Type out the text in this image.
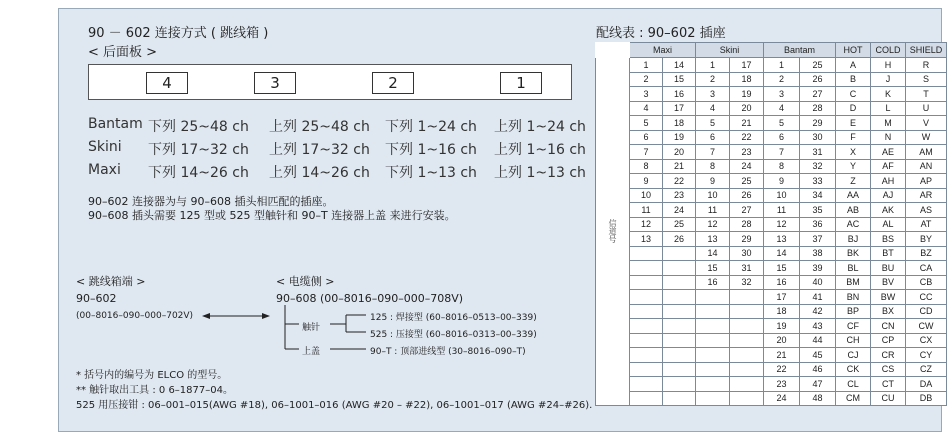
90 － 602 连接方式 ( 跳线箱 )
< 后面板 >
4	3	2	1
Bantam 下列 25~48 ch 上列 25~48 ch 下列 1~24 ch 上列 1~24 ch
Skini 下列 17~32 ch 上列 17~32 ch 下列 1~16 ch 上列 1~16 ch
Maxi 下列 14~26 ch 上列 14~26 ch 下列 1~13 ch 上列 1~13 ch
90–602 连接器为与 90–608 插头相匹配的插座。
90–608 插头需要 125 型或 525 型触针和 90–T 连接器上盖 来进行安装。
< 跳线箱端 >
90–602
(00–8016–090–000–702V)
< 电缆侧 >
90–608 (00–8016–090–000–708V)
触针
上盖
125 : 焊接型 (60–8016–0513–00–339)
525 : 压接型 (60–8016–0313–00–339)
90–T : 顶部进线型 (30–8016–090–T)
* 括号内的编号为 ELCO 的型号。
** 触针取出工具 : 0 6–1877–04。
525 用压接钳 : 06–001–015(AWG #18), 06–1001–016 (AWG #20 – #22), 06–1001–017 (AWG #24–#26).
配线表 : 90–602 插座
	Maxi		Skini		Bantam		HOT	COLD	SHIELD
信道号	1	14	1	17	1	25	A	H	R
	2	15	2	18	2	26	B	J	S
	3	16	3	19	3	27	C	K	T
	4	17	4	20	4	28	D	L	U
	5	18	5	21	5	29	E	M	V
	6	19	6	22	6	30	F	N	W
	7	20	7	23	7	31	X	AE	AM
	8	21	8	24	8	32	Y	AF	AN
	9	22	9	25	9	33	Z	AH	AP
	10	23	10	26	10	34	AA	AJ	AR
	11	24	11	27	11	35	AB	AK	AS
	12	25	12	28	12	36	AC	AL	AT
	13	26	13	29	13	37	BJ	BS	BY
			14	30	14	38	BK	BT	BZ
			15	31	15	39	BL	BU	CA
			16	32	16	40	BM	BV	CB
					17	41	BN	BW	CC
					18	42	BP	BX	CD
					19	43	CF	CN	CW
					20	44	CH	CP	CX
					21	45	CJ	CR	CY
					22	46	CK	CS	CZ
					23	47	CL	CT	DA
					24	48	CM	CU	DB
